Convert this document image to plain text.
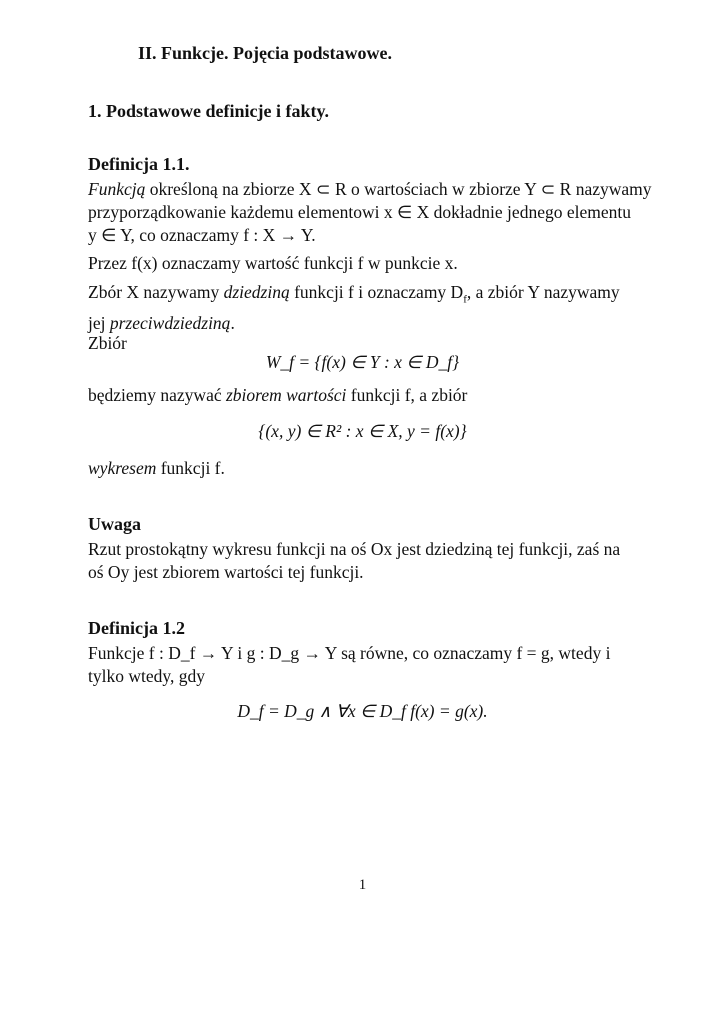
II. Funkcje. Pojęcia podstawowe.
1. Podstawowe definicje i fakty.
Definicja 1.1.

Funkcją określoną na zbiorze X ⊂ R o wartościach w zbiorze Y ⊂ R nazywamy

przyporządkowanie każdemu elementowi x ∈ X dokładnie jednego elementu

y ∈ Y, co oznaczamy f : X → Y.

Przez f(x) oznaczamy wartość funkcji f w punkcie x.

Zbór X nazywamy dziedziną funkcji f i oznaczamy $D_f$, a zbiór Y nazywamy

jej przeciwdziedziną.

Zbiór

W_f = {f(x) ∈ Y : x ∈ D_f}

będziemy nazywać zbiorem wartości funkcji f, a zbiór

{(x, y) ∈ R² : x ∈ X, y = f(x)}

wykresem funkcji f.

Uwaga

Rzut prostokątny wykresu funkcji na oś Ox jest dziedziną tej funkcji, zaś na

oś Oy jest zbiorem wartości tej funkcji.

Definicja 1.2

Funkcje f : D_f → Y i g : D_g → Y są równe, co oznaczamy f = g, wtedy i

tylko wtedy, gdy

D_f = D_g ∧ ∀x ∈ D_f f(x) = g(x).
1
